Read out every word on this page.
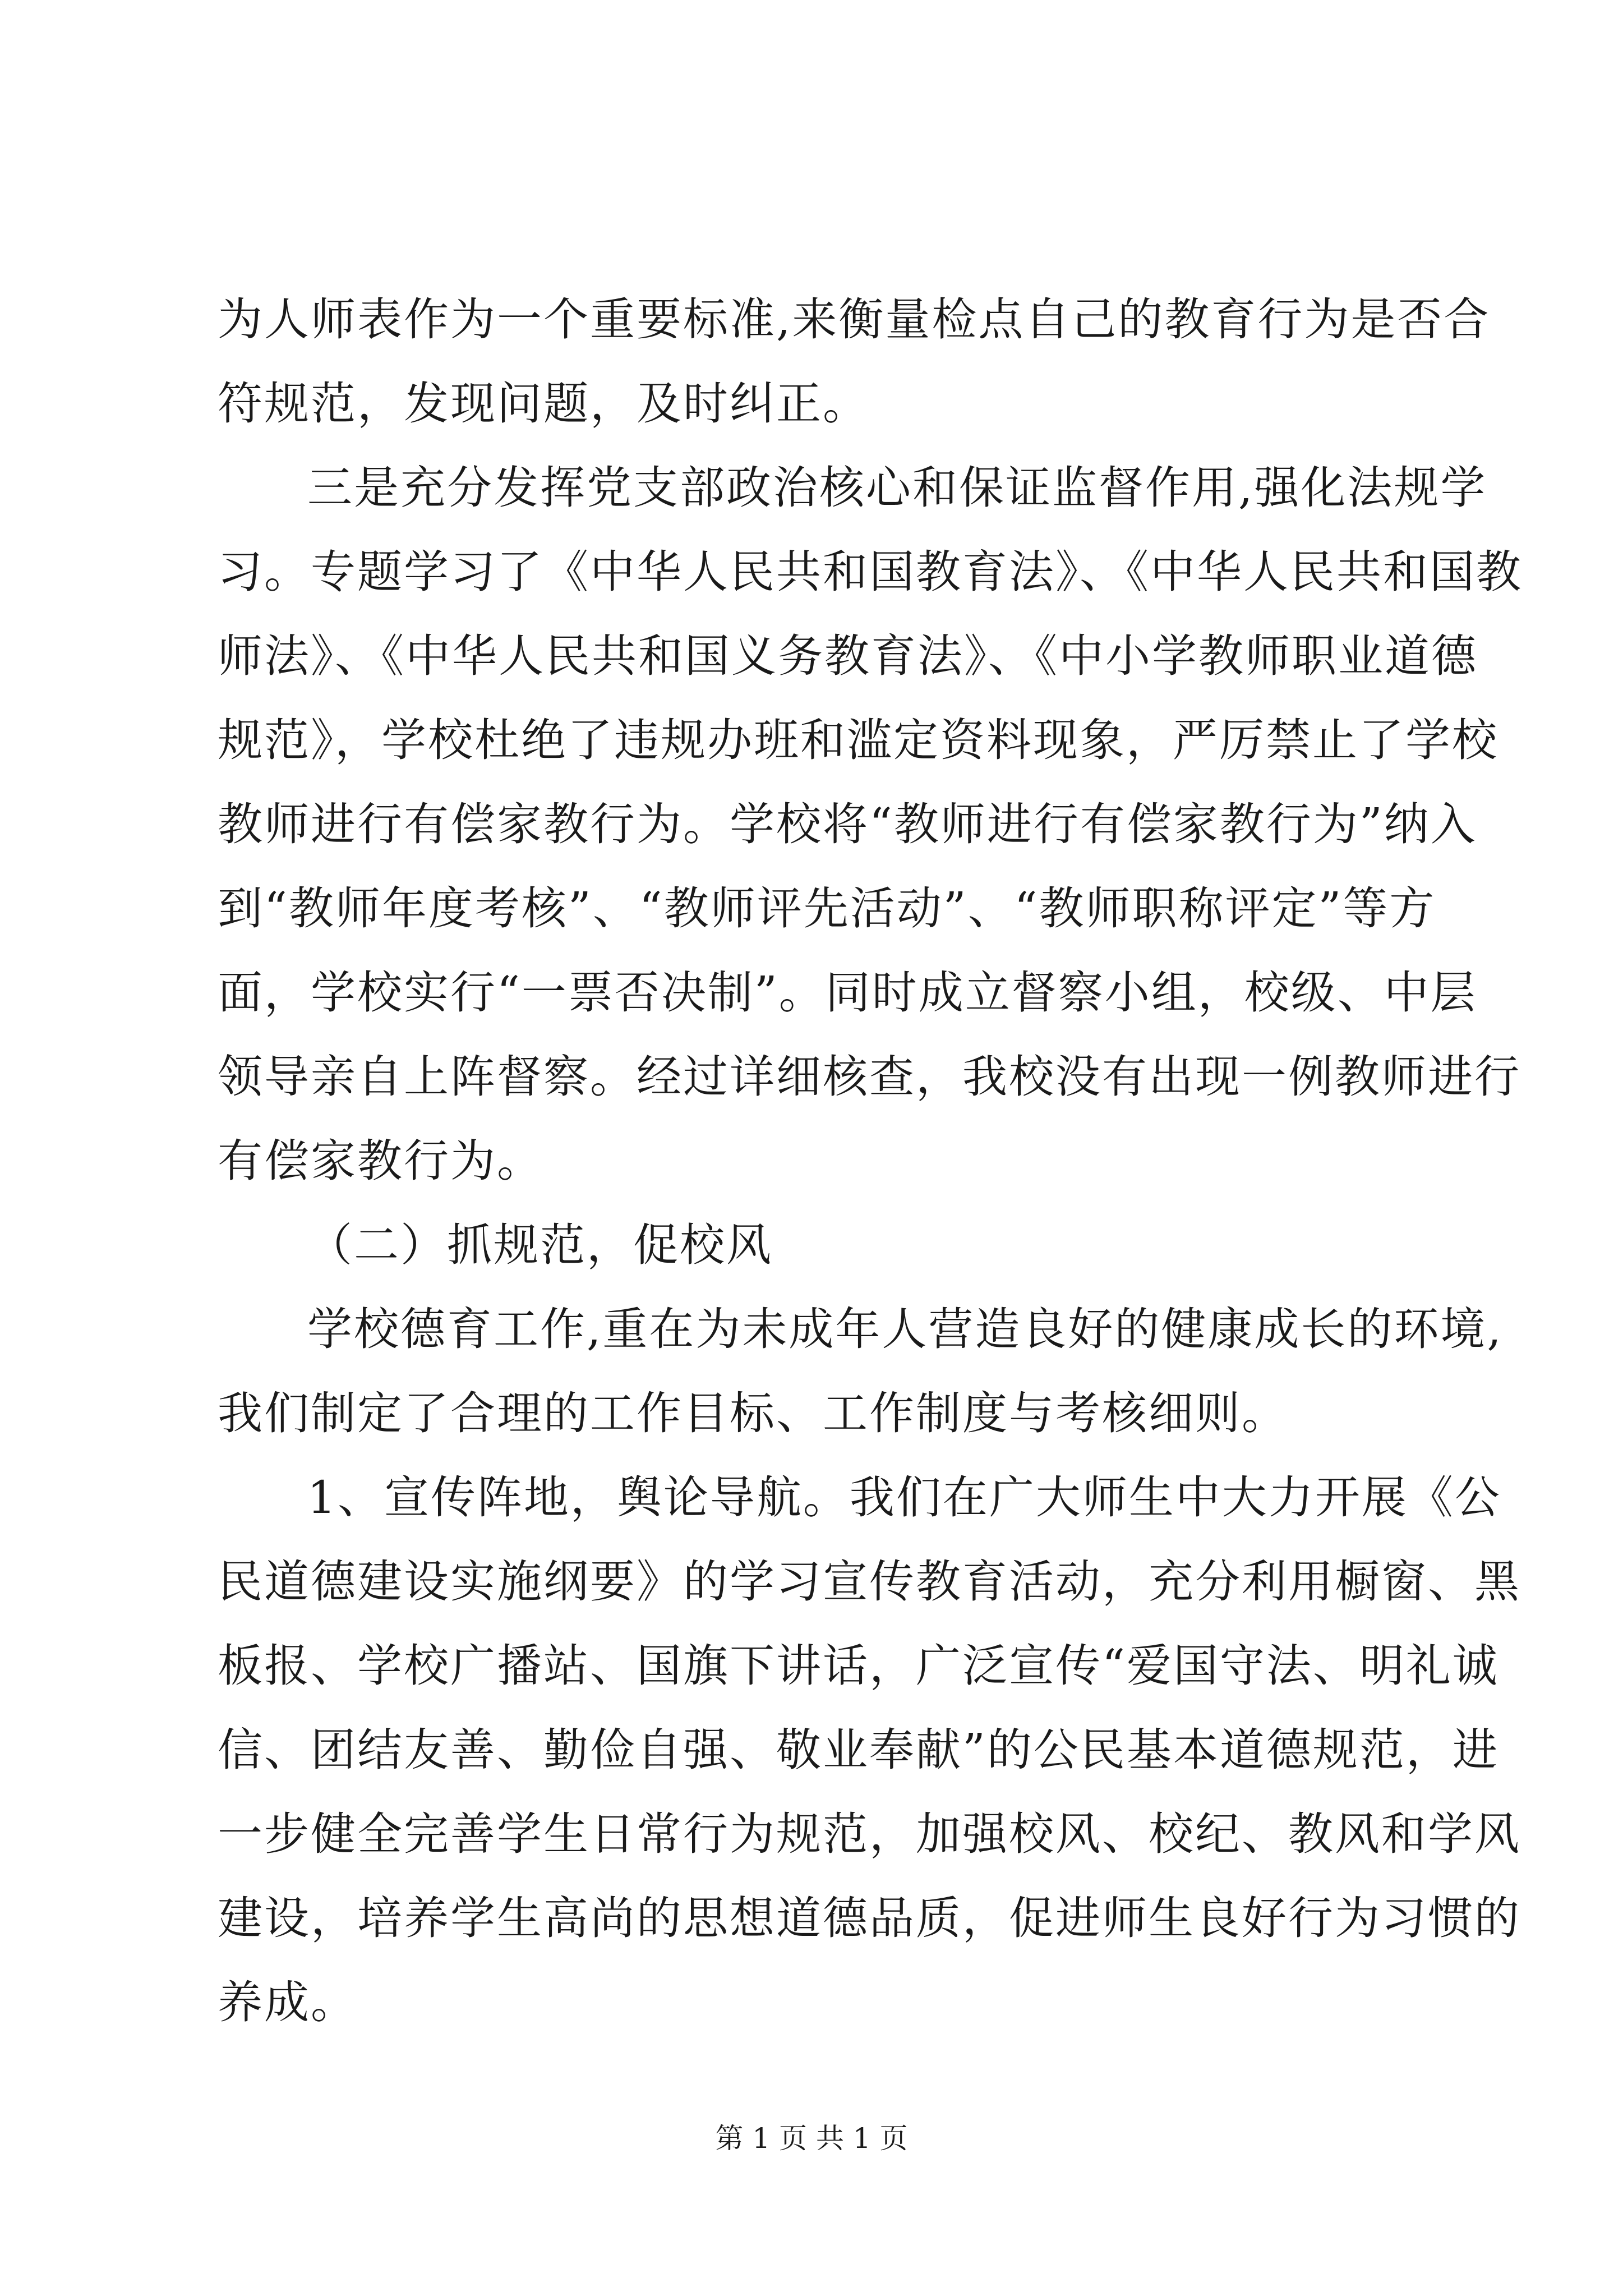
为人师表作为一个重要标准,来衡量检点自己的教育行为是否合
符规范，发现问题，及时纠正。
三是充分发挥党支部政治核心和保证监督作用,强化法规学
习。专题学习了《中华人民共和国教育法》、《中华人民共和国教
师法》、《中华人民共和国义务教育法》、《中小学教师职业道德
规范》，学校杜绝了违规办班和滥定资料现象，严厉禁止了学校
教师进行有偿家教行为。学校将“教师进行有偿家教行为”纳入
到“教师年度考核”、“教师评先活动”、“教师职称评定”等方
面，学校实行“一票否决制”。同时成立督察小组，校级、中层
领导亲自上阵督察。经过详细核查，我校没有出现一例教师进行
有偿家教行为。
（二）抓规范，促校风
学校德育工作,重在为未成年人营造良好的健康成长的环境,
我们制定了合理的工作目标、工作制度与考核细则。
1、宣传阵地，舆论导航。我们在广大师生中大力开展《公
民道德建设实施纲要》的学习宣传教育活动，充分利用橱窗、黑
板报、学校广播站、国旗下讲话，广泛宣传“爱国守法、明礼诚
信、团结友善、勤俭自强、敬业奉献”的公民基本道德规范，进
一步健全完善学生日常行为规范，加强校风、校纪、教风和学风
建设，培养学生高尚的思想道德品质，促进师生良好行为习惯的
养成。
第 1 页 共 1 页
